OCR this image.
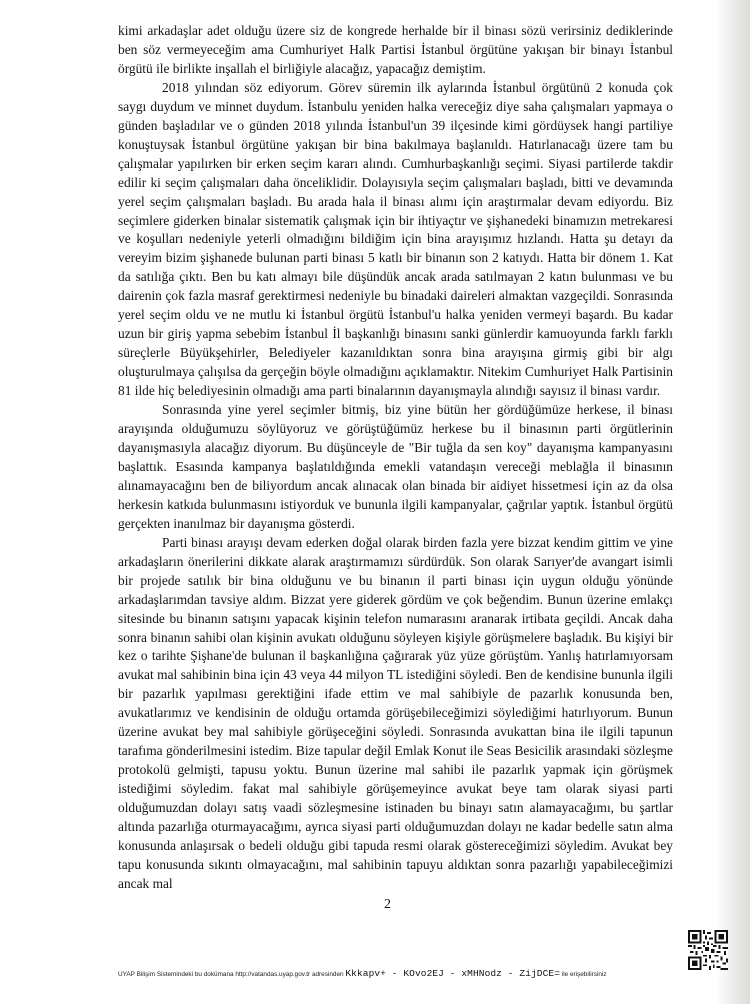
kimi arkadaşlar adet olduğu üzere siz de kongrede herhalde bir il binası sözü verirsiniz dediklerinde ben söz vermeyeceğim ama Cumhuriyet Halk Partisi İstanbul örgütüne yakışan bir binayı İstanbul örgütü ile birlikte inşallah el birliğiyle alacağız, yapacağız demiştim.

2018 yılından söz ediyorum. Görev süremin ilk aylarında İstanbul örgütünü 2 konuda çok saygı duydum ve minnet duydum. İstanbulu yeniden halka vereceğiz diye saha çalışmaları yapmaya o günden başladılar ve o günden 2018 yılında İstanbul'un 39 ilçesinde kimi gördüysek hangi partiliye konuştuysak İstanbul örgütüne yakışan bir bina bakılmaya başlanıldı. Hatırlanacağı üzere tam bu çalışmalar yapılırken bir erken seçim kararı alındı. Cumhurbaşkanlığı seçimi. Siyasi partilerde takdir edilir ki seçim çalışmaları daha önceliklidir. Dolayısıyla seçim çalışmaları başladı, bitti ve devamında yerel seçim çalışmaları başladı. Bu arada hala il binası alımı için araştırmalar devam ediyordu. Biz seçimlere giderken binalar sistematik çalışmak için bir ihtiyaçtır ve şişhanedeki binamızın metrekaresi ve koşulları nedeniyle yeterli olmadığını bildiğim için bina arayışımız hızlandı. Hatta şu detayı da vereyim bizim şişhanede bulunan parti binası 5 katlı bir binanın son 2 katıydı. Hatta bir dönem 1. Kat da satılığa çıktı. Ben bu katı almayı bile düşündük ancak arada satılmayan 2 katın bulunması ve bu dairenin çok fazla masraf gerektirmesi nedeniyle bu binadaki daireleri almaktan vazgeçildi. Sonrasında yerel seçim oldu ve ne mutlu ki İstanbul örgütü İstanbul'u halka yeniden vermeyi başardı. Bu kadar uzun bir giriş yapma sebebim İstanbul İl başkanlığı binasını sanki günlerdir kamuoyunda farklı farklı süreçlerle Büyükşehirler, Belediyeler kazanıldıktan sonra bina arayışına girmiş gibi bir algı oluşturulmaya çalışılsa da gerçeğin böyle olmadığını açıklamaktır. Nitekim Cumhuriyet Halk Partisinin 81 ilde hiç belediyesinin olmadığı ama parti binalarının dayanışmayla alındığı sayısız il binası vardır.

Sonrasında yine yerel seçimler bitmiş, biz yine bütün her gördüğümüze herkese, il binası arayışında olduğumuzu söylüyoruz ve görüştüğümüz herkese bu il binasının parti örgütlerinin dayanışmasıyla alacağız diyorum. Bu düşünceyle de "Bir tuğla da sen koy" dayanışma kampanyasını başlattık. Esasında kampanya başlatıldığında emekli vatandaşın vereceği meblağla il binasının alınamayacağını ben de biliyordum ancak alınacak olan binada bir aidiyet hissetmesi için az da olsa herkesin katkıda bulunmasını istiyorduk ve bununla ilgili kampanyalar, çağrılar yaptık. İstanbul örgütü gerçekten inanılmaz bir dayanışma gösterdi.

Parti binası arayışı devam ederken doğal olarak birden fazla yere bizzat kendim gittim ve yine arkadaşların önerilerini dikkate alarak araştırmamızı sürdürdük. Son olarak Sarıyer'de avangart isimli bir projede satılık bir bina olduğunu ve bu binanın il parti binası için uygun olduğu yönünde arkadaşlarımdan tavsiye aldım. Bizzat yere giderek gördüm ve çok beğendim. Bunun üzerine emlakçı sitesinde bu binanın satışını yapacak kişinin telefon numarasını aranarak irtibata geçildi. Ancak daha sonra binanın sahibi olan kişinin avukatı olduğunu söyleyen kişiyle görüşmelere başladık. Bu kişiyi bir kez o tarihte Şişhane'de bulunan il başkanlığına çağırarak yüz yüze görüştüm. Yanlış hatırlamıyorsam avukat mal sahibinin bina için 43 veya 44 milyon TL istediğini söyledi. Ben de kendisine bununla ilgili bir pazarlık yapılması gerektiğini ifade ettim ve mal sahibiyle de pazarlık konusunda ben, avukatlarımız ve kendisinin de olduğu ortamda görüşebileceğimizi söylediğimi hatırlıyorum. Bunun üzerine avukat bey mal sahibiyle görüşeceğini söyledi. Sonrasında avukattan bina ile ilgili tapunun tarafıma gönderilmesini istedim. Bize tapular değil Emlak Konut ile Seas Besicilik arasındaki sözleşme protokolü gelmişti, tapusu yoktu. Bunun üzerine mal sahibi ile pazarlık yapmak için görüşmek istediğimi söyledim. fakat mal sahibiyle görüşemeyince avukat beye tam olarak siyasi parti olduğumuzdan dolayı satış vaadi sözleşmesine istinaden bu binayı satın alamayacağımı, bu şartlar altında pazarlığa oturmayacağımı, ayrıca siyasi parti olduğumuzdan dolayı ne kadar bedelle satın alma konusunda anlaşırsak o bedeli olduğu gibi tapuda resmi olarak göstereceğimizi söyledim. Avukat bey tapu konusunda sıkıntı olmayacağını, mal sahibinin tapuyu aldıktan sonra pazarlığı yapabileceğimizi ancak mal

2
UYAP Bilişim Sistemindeki bu dokümana http://vatandas.uyap.gov.tr adresinden Kkkapv+ - KOvo2EJ - xMHNodz - ZijDCE= ile erişebilirsiniz
